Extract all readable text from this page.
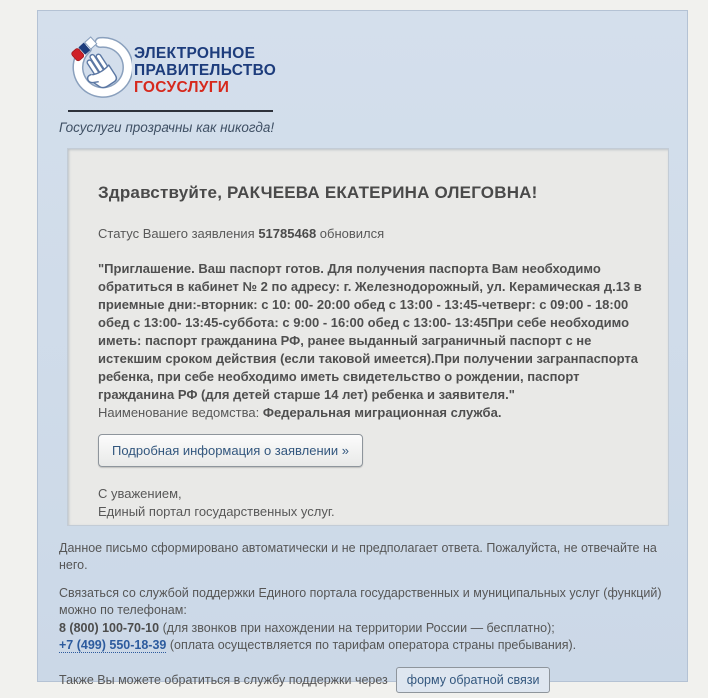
ЭЛЕКТРОННОЕ
ПРАВИТЕЛЬСТВО
ГОСУСЛУГИ
Госуслуги прозрачны как никогда!
Здравствуйте, РАКЧЕЕВА ЕКАТЕРИНА ОЛЕГОВНА!

Статус Вашего заявления 51785468 обновился

"Приглашение. Ваш паспорт готов. Для получения паспорта Вам необходимо обратиться в кабинет № 2 по адресу: г. Железнодорожный, ул. Керамическая д.13 в приемные дни:-вторник: с 10: 00- 20:00 обед с 13:00 - 13:45-четверг: с 09:00 - 18:00 обед с 13:00- 13:45-суббота: с 9:00 - 16:00 обед с 13:00- 13:45При себе необходимо иметь: паспорт гражданина РФ, ранее выданный заграничный паспорт с не истекшим сроком действия (если таковой имеется).При получении загранпаспорта ребенка, при себе необходимо иметь свидетельство о рождении, паспорт гражданина РФ (для детей старше 14 лет) ребенка и заявителя."

Наименование ведомства: Федеральная миграционная служба.

Подробная информация о заявлении »
С уважением,
Единый портал государственных услуг.

Данное письмо сформировано автоматически и не предполагает ответа. Пожалуйста, не отвечайте на него.

Связаться со службой поддержки Единого портала государственных и муниципальных услуг (функций) можно по телефонам:

8 (800) 100-70-10 (для звонков при нахождении на территории России — бесплатно);
+7 (499) 550-18-39 (оплата осуществляется по тарифам оператора страны пребывания).
Также Вы можете обратиться в службу поддержки через	форму обратной связи
